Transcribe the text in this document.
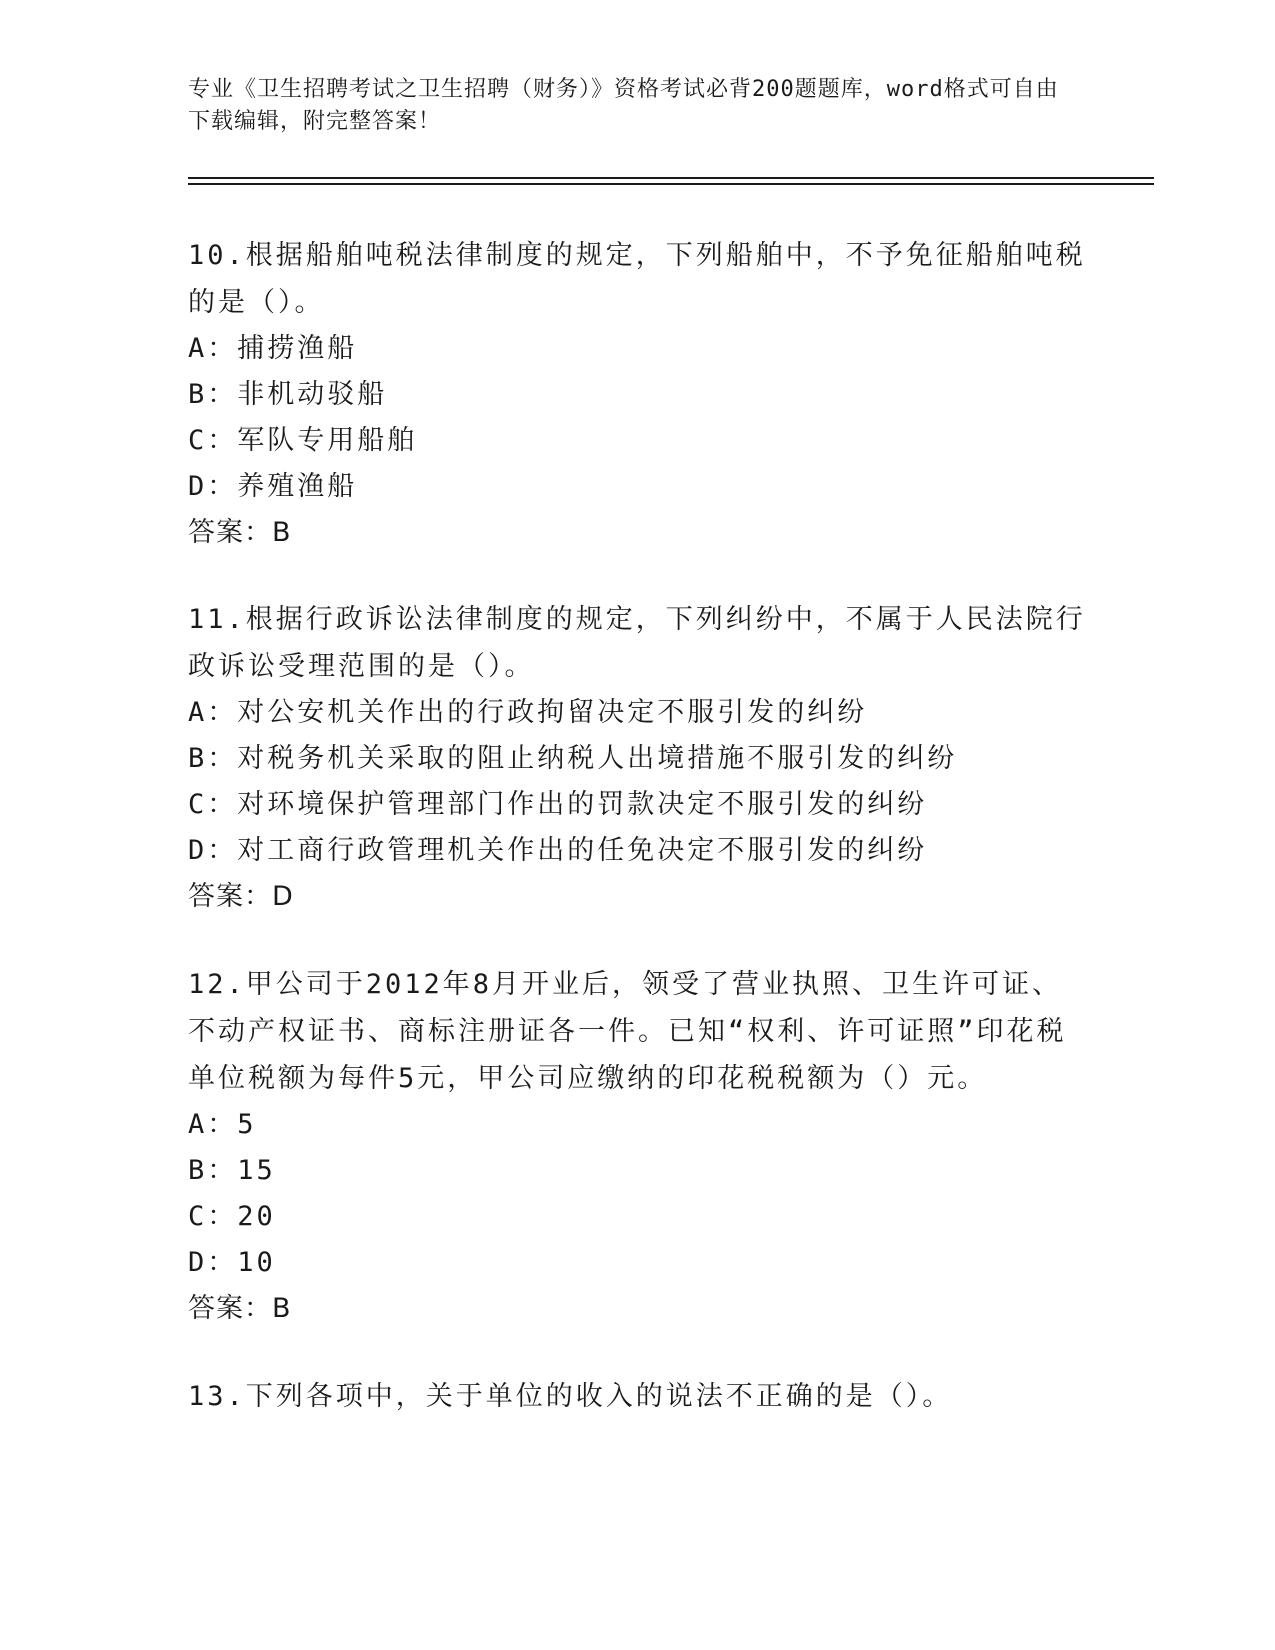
专业《卫生招聘考试之卫生招聘（财务）》资格考试必背200题题库，word格式可自由下载编辑，附完整答案！
10.根据船舶吨税法律制度的规定，下列船舶中，不予免征船舶吨税的是（）。
A：捕捞渔船
B：非机动驳船
C：军队专用船舶
D：养殖渔船
答案：B
11.根据行政诉讼法律制度的规定，下列纠纷中，不属于人民法院行政诉讼受理范围的是（）。
A：对公安机关作出的行政拘留决定不服引发的纠纷
B：对税务机关采取的阻止纳税人出境措施不服引发的纠纷
C：对环境保护管理部门作出的罚款决定不服引发的纠纷
D：对工商行政管理机关作出的任免决定不服引发的纠纷
答案：D
12.甲公司于2012年8月开业后，领受了营业执照、卫生许可证、不动产权证书、商标注册证各一件。已知“权利、许可证照”印花税单位税额为每件5元，甲公司应缴纳的印花税税额为（）元。
A：5
B：15
C：20
D：10
答案：B
13.下列各项中，关于单位的收入的说法不正确的是（）。
